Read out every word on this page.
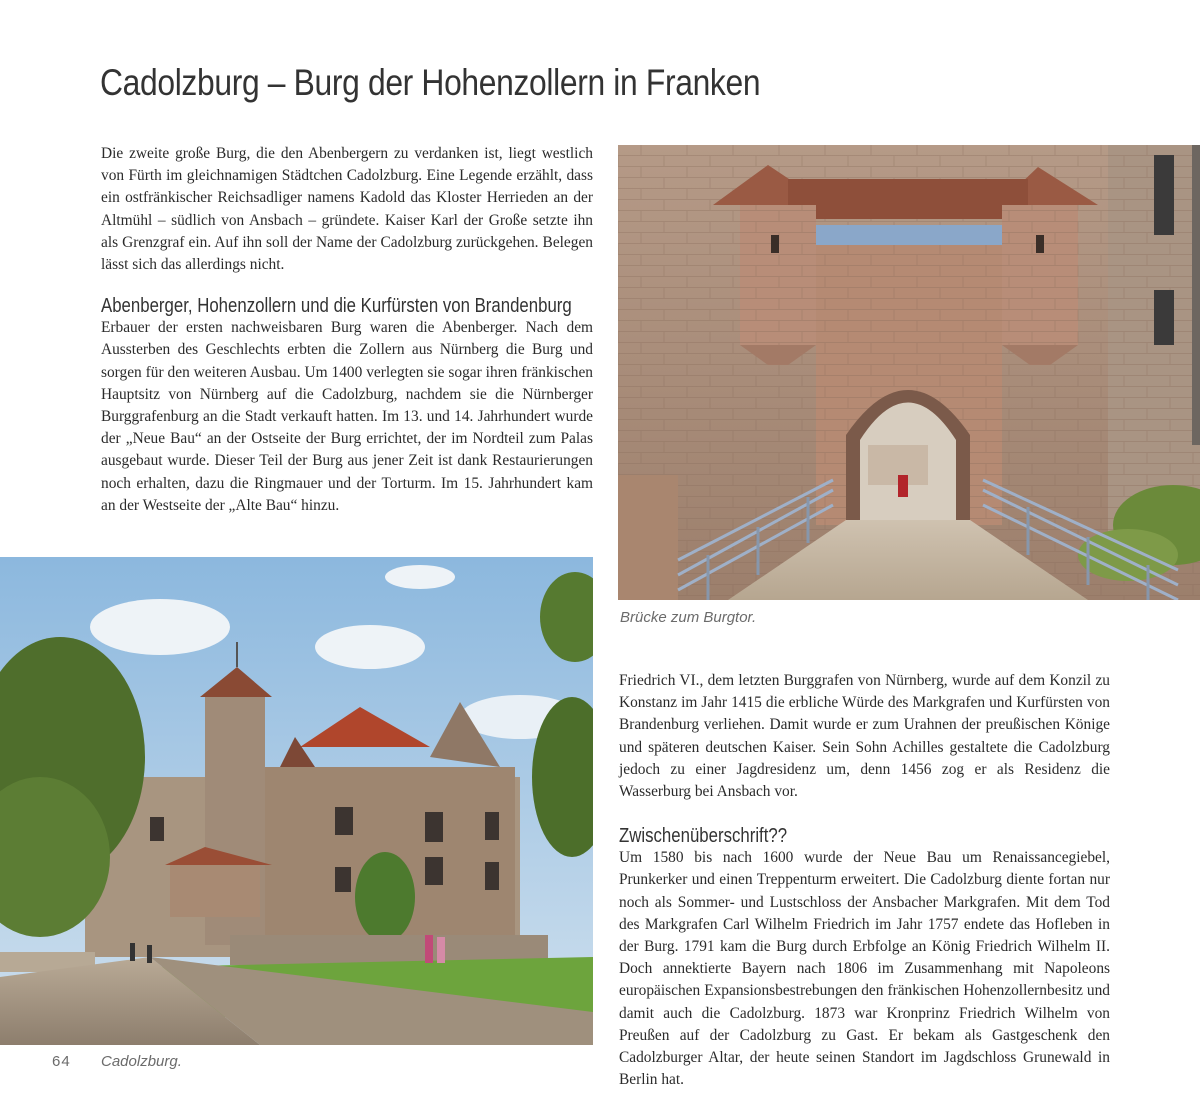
Cadolzburg – Burg der Hohenzollern in Franken

Die zweite große Burg, die den Abenbergern zu verdanken ist, liegt westlich von Fürth im gleichnamigen Städtchen Cadolzburg. Eine Legende erzählt, dass ein ostfränkischer Reichsadliger namens Kadold das Kloster Herrieden an der Altmühl – südlich von Ansbach – gründete. Kaiser Karl der Große setzte ihn als Grenzgraf ein. Auf ihn soll der Name der Cadolzburg zurückgehen. Belegen lässt sich das allerdings nicht.

Abenberger, Hohenzollern und die Kurfürsten von Brandenburg

Erbauer der ersten nachweisbaren Burg waren die Abenberger. Nach dem Aussterben des Geschlechts erbten die Zollern aus Nürnberg die Burg und sorgen für den weiteren Ausbau. Um 1400 verlegten sie sogar ihren fränkischen Hauptsitz von Nürnberg auf die Cadolzburg, nachdem sie die Nürnberger Burggrafenburg an die Stadt verkauft hatten. Im 13. und 14. Jahrhundert wurde der „Neue Bau“ an der Ostseite der Burg errichtet, der im Nordteil zum Palas ausgebaut wurde. Dieser Teil der Burg aus jener Zeit ist dank Restaurierungen noch erhalten, dazu die Ringmauer und der Torturm. Im 15. Jahrhundert kam an der Westseite der „Alte Bau“ hinzu.

Brücke zum Burgtor.
Cadolzburg.
64

Friedrich VI., dem letzten Burggrafen von Nürnberg, wurde auf dem Konzil zu Konstanz im Jahr 1415 die erbliche Würde des Markgrafen und Kurfürsten von Brandenburg verliehen. Damit wurde er zum Urahnen der preußischen Könige und späteren deutschen Kaiser. Sein Sohn Achilles gestaltete die Cadolzburg jedoch zu einer Jagdresidenz um, denn 1456 zog er als Residenz die Wasserburg bei Ansbach vor.

Zwischenüberschrift??

Um 1580 bis nach 1600 wurde der Neue Bau um Renaissancegiebel, Prunkerker und einen Treppenturm erweitert. Die Cadolzburg diente fortan nur noch als Sommer- und Lustschloss der Ansbacher Markgrafen. Mit dem Tod des Markgrafen Carl Wilhelm Friedrich im Jahr 1757 endete das Hofleben in der Burg. 1791 kam die Burg durch Erbfolge an König Friedrich Wilhelm II. Doch annektierte Bayern nach 1806 im Zusammenhang mit Napoleons europäischen Expansionsbestrebungen den fränkischen Hohenzollernbesitz und damit auch die Cadolzburg. 1873 war Kronprinz Friedrich Wilhelm von Preußen auf der Cadolzburg zu Gast. Er bekam als Gastgeschenk den Cadolzburger Altar, der heute seinen Standort im Jagdschloss Grunewald in Berlin hat.
